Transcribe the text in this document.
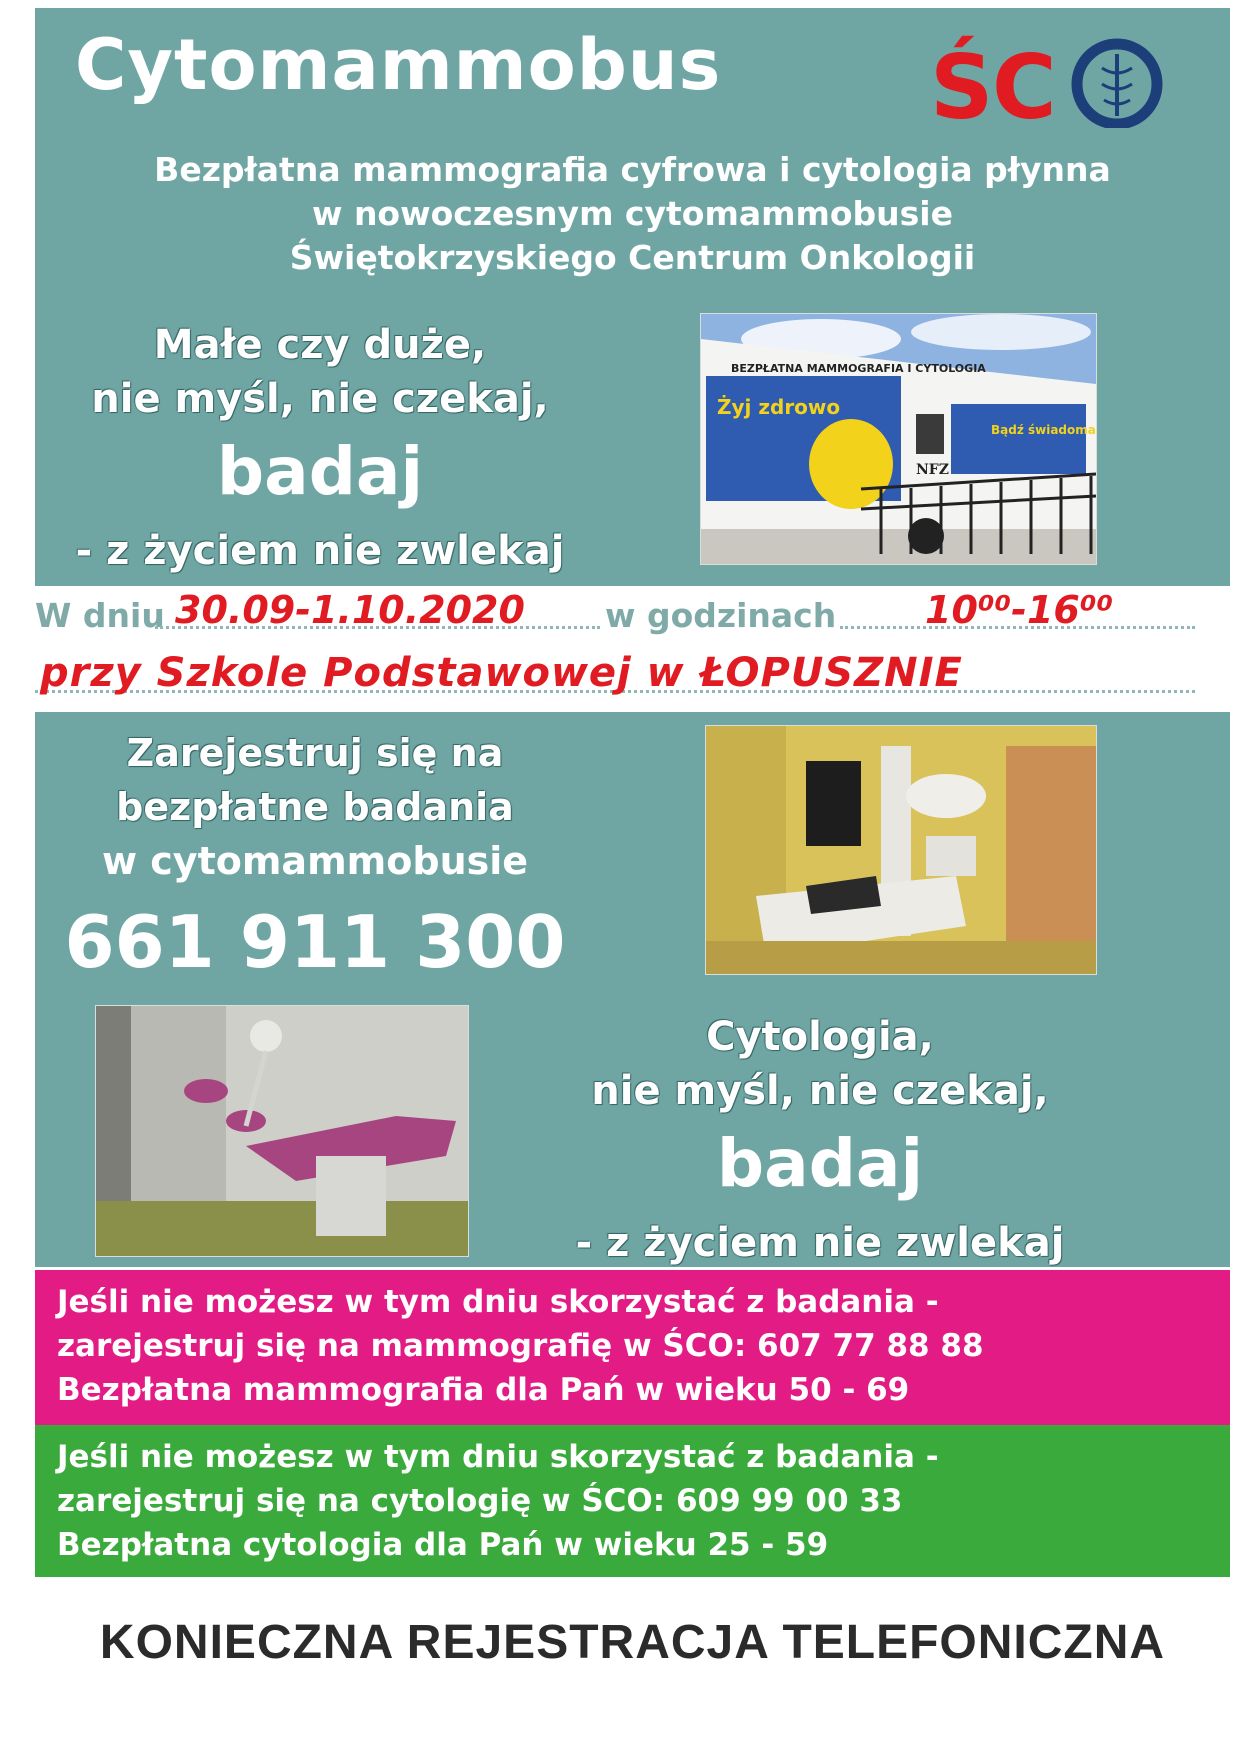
Cytomammobus Ś
C
Bezpłatna mammografia cyfrowa i cytologia płynna
w nowoczesnym cytomammobusie
Świętokrzyskiego Centrum Onkologii
Małe czy duże,
nie myśl, nie czekaj,
badaj
- z życiem nie zwlekaj
BEZPŁATNA MAMMOGRAFIA I CYTOLOGIA
Żyj zdrowo
Bądź świadoma
NFZ
W dniu 30.09-1.10.2020 w godzinach 10⁰⁰-16⁰⁰
przy Szkole Podstawowej w ŁOPUSZNIE
Zarejestruj się na
bezpłatne badania
w cytomammobusie
661 911 300
Cytologia,
nie myśl, nie czekaj,
badaj
- z życiem nie zwlekaj
Jeśli nie możesz w tym dniu skorzystać z badania -
zarejestruj się na mammografię w ŚCO: 607 77 88 88
Bezpłatna mammografia dla Pań w wieku 50 - 69
Jeśli nie możesz w tym dniu skorzystać z badania -
zarejestruj się na cytologię w ŚCO: 609 99 00 33
Bezpłatna cytologia dla Pań w wieku 25 - 59
KONIECZNA REJESTRACJA TELEFONICZNA
